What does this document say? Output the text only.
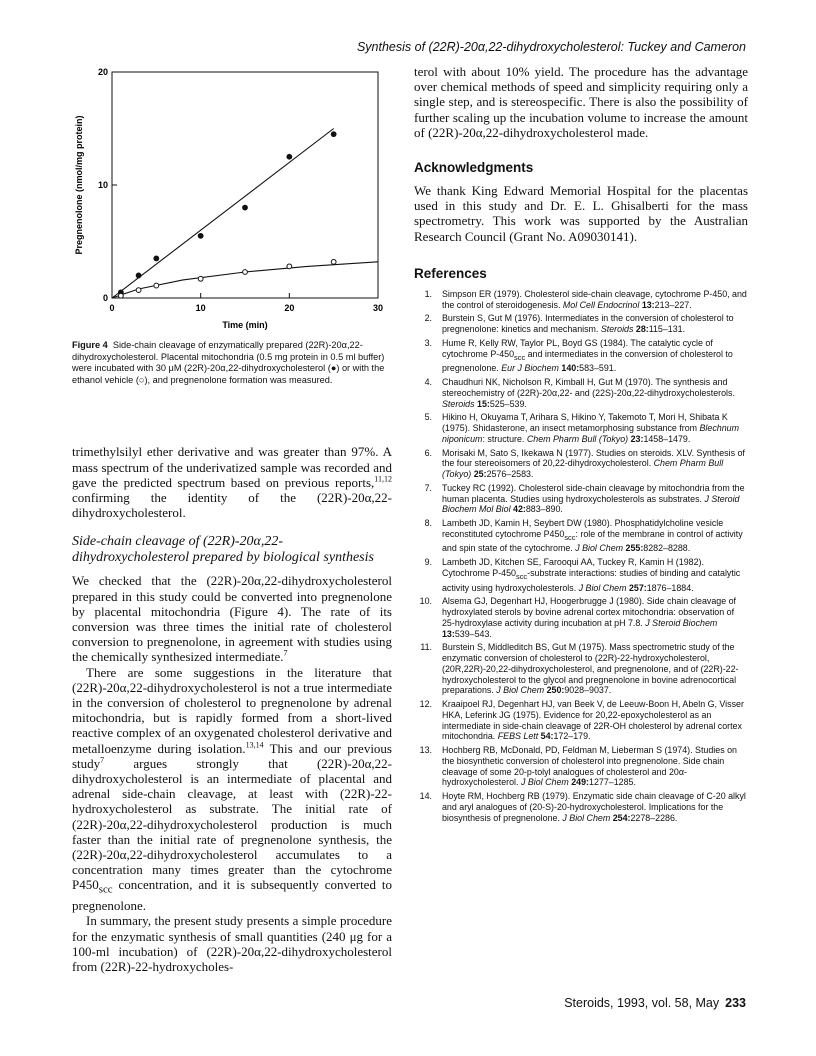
Synthesis of (22R)-20α,22-dihydroxycholesterol: Tuckey and Cameron
0	10	20	30
0
10
20
Time (min)
Pregnenolone (nmol/mg protein)

Figure 4 Side-chain cleavage of enzymatically prepared (22R)-20α,22-dihydroxycholesterol. Placental mitochondria (0.5 mg protein in 0.5 ml buffer) were incubated with 30 μM (22R)-20α,22-dihydroxycholesterol (●) or with the ethanol vehicle (○), and pregnenolone formation was measured.

trimethylsilyl ether derivative and was greater than 97%. A mass spectrum of the underivatized sample was recorded and gave the predicted spectrum based on previous reports,$^{11,12}$ confirming the identity of the (22R)-20α,22-dihydroxycholesterol.

Side-chain cleavage of (22R)-20α,22-dihydroxycholesterol prepared by biological synthesis

We checked that the (22R)-20α,22-dihydroxycholesterol prepared in this study could be converted into pregnenolone by placental mitochondria (Figure 4). The rate of its conversion was three times the initial rate of cholesterol conversion to pregnenolone, in agreement with studies using the chemically synthesized intermediate.$^7$

There are some suggestions in the literature that (22R)-20α,22-dihydroxycholesterol is not a true intermediate in the conversion of cholesterol to pregnenolone by adrenal mitochondria, but is rapidly formed from a short-lived reactive complex of an oxygenated cholesterol derivative and metalloenzyme during isolation.$^{13,14}$ This and our previous study$^7$ argues strongly that (22R)-20α,22-dihydroxycholesterol is an intermediate of placental and adrenal side-chain cleavage, at least with (22R)-22-hydroxycholesterol as substrate. The initial rate of (22R)-20α,22-dihydroxycholesterol production is much faster than the initial rate of pregnenolone synthesis, the (22R)-20α,22-dihydroxycholesterol accumulates to a concentration many times greater than the cytochrome $P450_{scc}$ concentration, and it is subsequently converted to pregnenolone.

In summary, the present study presents a simple procedure for the enzymatic synthesis of small quantities (240 μg for a 100-ml incubation) of (22R)-20α,22-dihydroxycholesterol from (22R)-22-hydroxycholes-

terol with about 10% yield. The procedure has the advantage over chemical methods of speed and simplicity requiring only a single step, and is stereospecific. There is also the possibility of further scaling up the incubation volume to increase the amount of (22R)-20α,22-dihydroxycholesterol made.

Acknowledgments

We thank King Edward Memorial Hospital for the placentas used in this study and Dr. E. L. Ghisalberti for the mass spectrometry. This work was supported by the Australian Research Council (Grant No. A09030141).

References
1.	Simpson ER (1979). Cholesterol side-chain cleavage, cytochrome P-450, and the control of steroidogenesis. Mol Cell Endocrinol 13:213–227.
2.	Burstein S, Gut M (1976). Intermediates in the conversion of cholesterol to pregnenolone: kinetics and mechanism. Steroids 28:115–131.
3.	Hume R, Kelly RW, Taylor PL, Boyd GS (1984). The catalytic cycle of cytochrome $P-450_{scc}$ and intermediates in the conversion of cholesterol to pregnenolone. Eur J Biochem 140:583–591.
4.	Chaudhuri NK, Nicholson R, Kimball H, Gut M (1970). The synthesis and stereochemistry of (22R)-20α,22- and (22S)-20α,22-dihydroxycholesterols. Steroids 15:525–539.
5.	Hikino H, Okuyama T, Arihara S, Hikino Y, Takemoto T, Mori H, Shibata K (1975). Shidasterone, an insect metamorphosing substance from Blechnum niponicum: structure. Chem Pharm Bull (Tokyo) 23:1458–1479.
6.	Morisaki M, Sato S, Ikekawa N (1977). Studies on steroids. XLV. Synthesis of the four stereoisomers of 20,22-dihydroxycholesterol. Chem Pharm Bull (Tokyo) 25:2576–2583.
7.	Tuckey RC (1992). Cholesterol side-chain cleavage by mitochondria from the human placenta. Studies using hydroxycholesterols as substrates. J Steroid Biochem Mol Biol 42:883–890.
8.	Lambeth JD, Kamin H, Seybert DW (1980). Phosphatidylcholine vesicle reconstituted cytochrome $P450_{scc}$: role of the membrane in control of activity and spin state of the cytochrome. J Biol Chem 255:8282–8288.
9.	Lambeth JD, Kitchen SE, Farooqui AA, Tuckey R, Kamin H (1982). Cytochrome $P-450_{scc}$-substrate interactions: studies of binding and catalytic activity using hydroxycholesterols. J Biol Chem 257:1876–1884.
10.	Alsema GJ, Degenhart HJ, Hoogerbrugge J (1980). Side chain cleavage of hydroxylated sterols by bovine adrenal cortex mitochondria: observation of 25-hydroxylase activity during incubation at pH 7.8. J Steroid Biochem 13:539–543.
11.	Burstein S, Middleditch BS, Gut M (1975). Mass spectrometric study of the enzymatic conversion of cholesterol to (22R)-22-hydroxycholesterol, (20R,22R)-20,22-dihydroxycholesterol, and pregnenolone, and of (22R)-22-hydroxycholesterol to the glycol and pregnenolone in bovine adrenocortical preparations. J Biol Chem 250:9028–9037.
12.	Kraaipoel RJ, Degenhart HJ, van Beek V, de Leeuw-Boon H, Abeln G, Visser HKA, Leferink JG (1975). Evidence for 20,22-epoxycholesterol as an intermediate in side-chain cleavage of 22R-OH cholesterol by adrenal cortex mitochondria. FEBS Lett 54:172–179.
13.	Hochberg RB, McDonald, PD, Feldman M, Lieberman S (1974). Studies on the biosynthetic conversion of cholesterol into pregnenolone. Side chain cleavage of some 20-p-tolyl analogues of cholesterol and 20α-hydroxycholesterol. J Biol Chem 249:1277–1285.
14.	Hoyte RM, Hochberg RB (1979). Enzymatic side chain cleavage of C-20 alkyl and aryl analogues of (20-S)-20-hydroxycholesterol. Implications for the biosynthesis of pregnenolone. J Biol Chem 254:2278–2286.
Steroids, 1993, vol. 58, May 233
